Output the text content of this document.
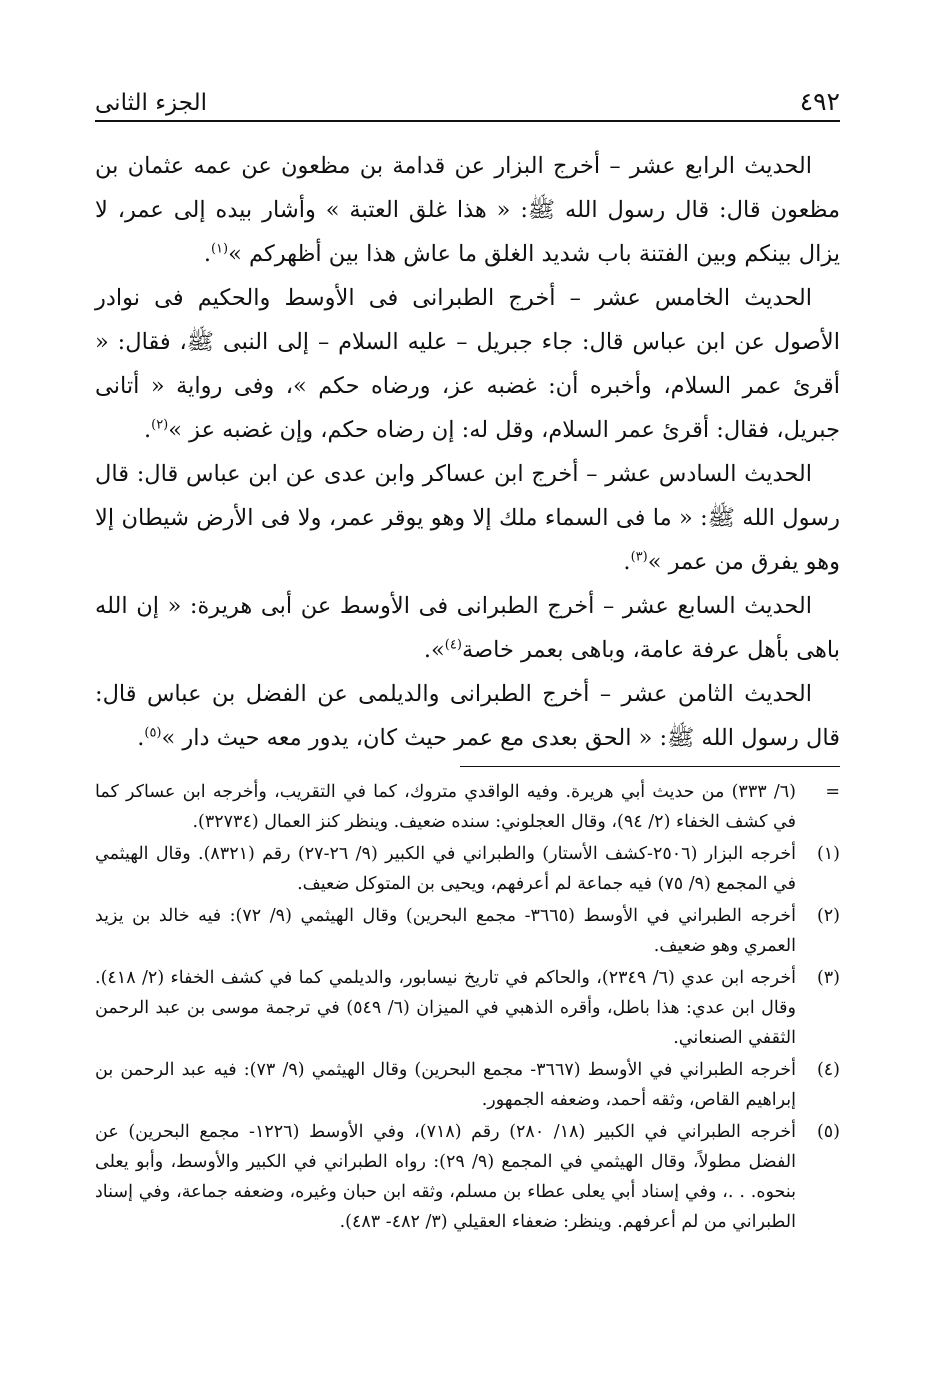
٤٩٢
الجزء الثانى

الحديث الرابع عشر – أخرج البزار عن قدامة بن مظعون عن عمه عثمان بن مظعون قال: قال رسول الله ﷺ: « هذا غلق العتبة » وأشار بيده إلى عمر، لا يزال بينكم وبين الفتنة باب شديد الغلق ما عاش هذا بين أظهركم »$^{(١)}$.

الحديث الخامس عشر – أخرج الطبرانى فى الأوسط والحكيم فى نوادر الأصول عن ابن عباس قال: جاء جبريل – عليه السلام – إلى النبى ﷺ، فقال: « أقرئ عمر السلام، وأخبره أن: غضبه عز، ورضاه حكم »، وفى رواية « أتانى جبريل، فقال: أقرئ عمر السلام، وقل له: إن رضاه حكم، وإن غضبه عز »$^{(٢)}$.

الحديث السادس عشر – أخرج ابن عساكر وابن عدى عن ابن عباس قال: قال رسول الله ﷺ: « ما فى السماء ملك إلا وهو يوقر عمر، ولا فى الأرض شيطان إلا وهو يفرق من عمر »$^{(٣)}$.

الحديث السابع عشر – أخرج الطبرانى فى الأوسط عن أبى هريرة: « إن الله باهى بأهل عرفة عامة، وباهى بعمر خاصة$^{(٤)}$».

الحديث الثامن عشر – أخرج الطبرانى والديلمى عن الفضل بن عباس قال: قال رسول الله ﷺ: « الحق بعدى مع عمر حيث كان، يدور معه حيث دار »$^{(٥)}$.

=
(٦/ ٣٣٣) من حديث أبي هريرة. وفيه الواقدي متروك، كما في التقريب، وأخرجه ابن عساكر كما في كشف الخفاء (٢/ ٩٤)، وقال العجلوني: سنده ضعيف. وينظر كنز العمال (٣٢٧٣٤).
(١)
أخرجه البزار (٢٥٠٦-كشف الأستار) والطبراني في الكبير (٩/ ٢٦-٢٧) رقم (٨٣٢١). وقال الهيثمي في المجمع (٩/ ٧٥) فيه جماعة لم أعرفهم، ويحيى بن المتوكل ضعيف.
(٢)
أخرجه الطبراني في الأوسط (٣٦٦٥- مجمع البحرين) وقال الهيثمي (٩/ ٧٢): فيه خالد بن يزيد العمري وهو ضعيف.
(٣)
أخرجه ابن عدي (٦/ ٢٣٤٩)، والحاكم في تاريخ نيسابور، والديلمي كما في كشف الخفاء (٢/ ٤١٨). وقال ابن عدي: هذا باطل، وأقره الذهبي في الميزان (٦/ ٥٤٩) في ترجمة موسى بن عبد الرحمن الثقفي الصنعاني.
(٤)
أخرجه الطبراني في الأوسط (٣٦٦٧- مجمع البحرين) وقال الهيثمي (٩/ ٧٣): فيه عبد الرحمن بن إبراهيم القاص، وثقه أحمد، وضعفه الجمهور.
(٥)
أخرجه الطبراني في الكبير (١٨/ ٢٨٠) رقم (٧١٨)، وفي الأوسط (١٢٢٦- مجمع البحرين) عن الفضل مطولاً، وقال الهيثمي في المجمع (٩/ ٢٩): رواه الطبراني في الكبير والأوسط، وأبو يعلى بنحوه. . .، وفي إسناد أبي يعلى عطاء بن مسلم، وثقه ابن حبان وغيره، وضعفه جماعة، وفي إسناد الطبراني من لم أعرفهم. وينظر: ضعفاء العقيلي (٣/ ٤٨٢- ٤٨٣).
